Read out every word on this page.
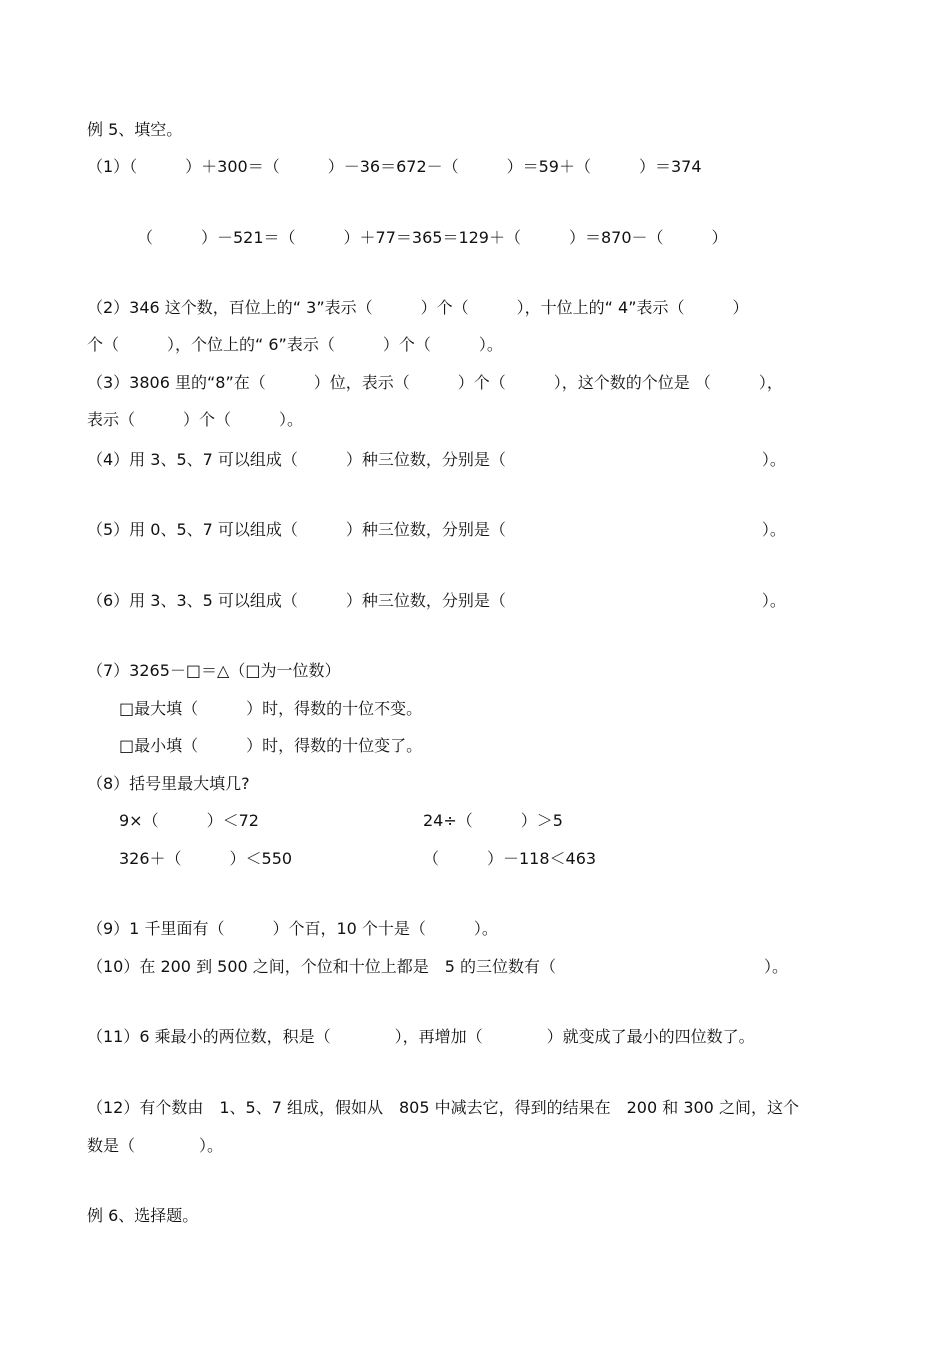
例 5、填空。
（1）（　　　）＋300＝（　　　）－36＝672－（　　　）＝59＋（　　　）＝374
（　　　）－521＝（　　　）＋77＝365＝129＋（　　　）＝870－（　　　）
（2）346 这个数，百位上的“ 3”表示（　　　）个（　　　），十位上的“ 4”表示（　　　）
个（　　　），个位上的“ 6”表示（　　　）个（　　　）。
（3）3806 里的“8”在（　　　）位，表示（　　　）个（　　　），这个数的个位是 （　　　），
表示（　　　）个（　　　）。
（4）用 3、5、7 可以组成（　　　）种三位数，分别是（　　　　　　　　　　　　　　　　）。
（5）用 0、5、7 可以组成（　　　）种三位数，分别是（　　　　　　　　　　　　　　　　）。
（6）用 3、3、5 可以组成（　　　）种三位数，分别是（　　　　　　　　　　　　　　　　）。
（7）3265－□＝△（□为一位数）
□最大填（　　　）时，得数的十位不变。
□最小填（　　　）时，得数的十位变了。
（8）括号里最大填几?
9×（　　　）＜72	24÷（　　　）＞5
326＋（　　　）＜550	（　　　）－118＜463
（9）1 千里面有（　　　）个百，10 个十是（　　　）。
（10）在 200 到 500 之间，个位和十位上都是　5 的三位数有（　　　　　　　　　　　　　）。
（11）6 乘最小的两位数，积是（　　　　），再增加（　　　　）就变成了最小的四位数了。
（12）有个数由　1、5、7 组成，假如从　805 中减去它，得到的结果在　200 和 300 之间，这个
数是（　　　　）。
例 6、选择题。
